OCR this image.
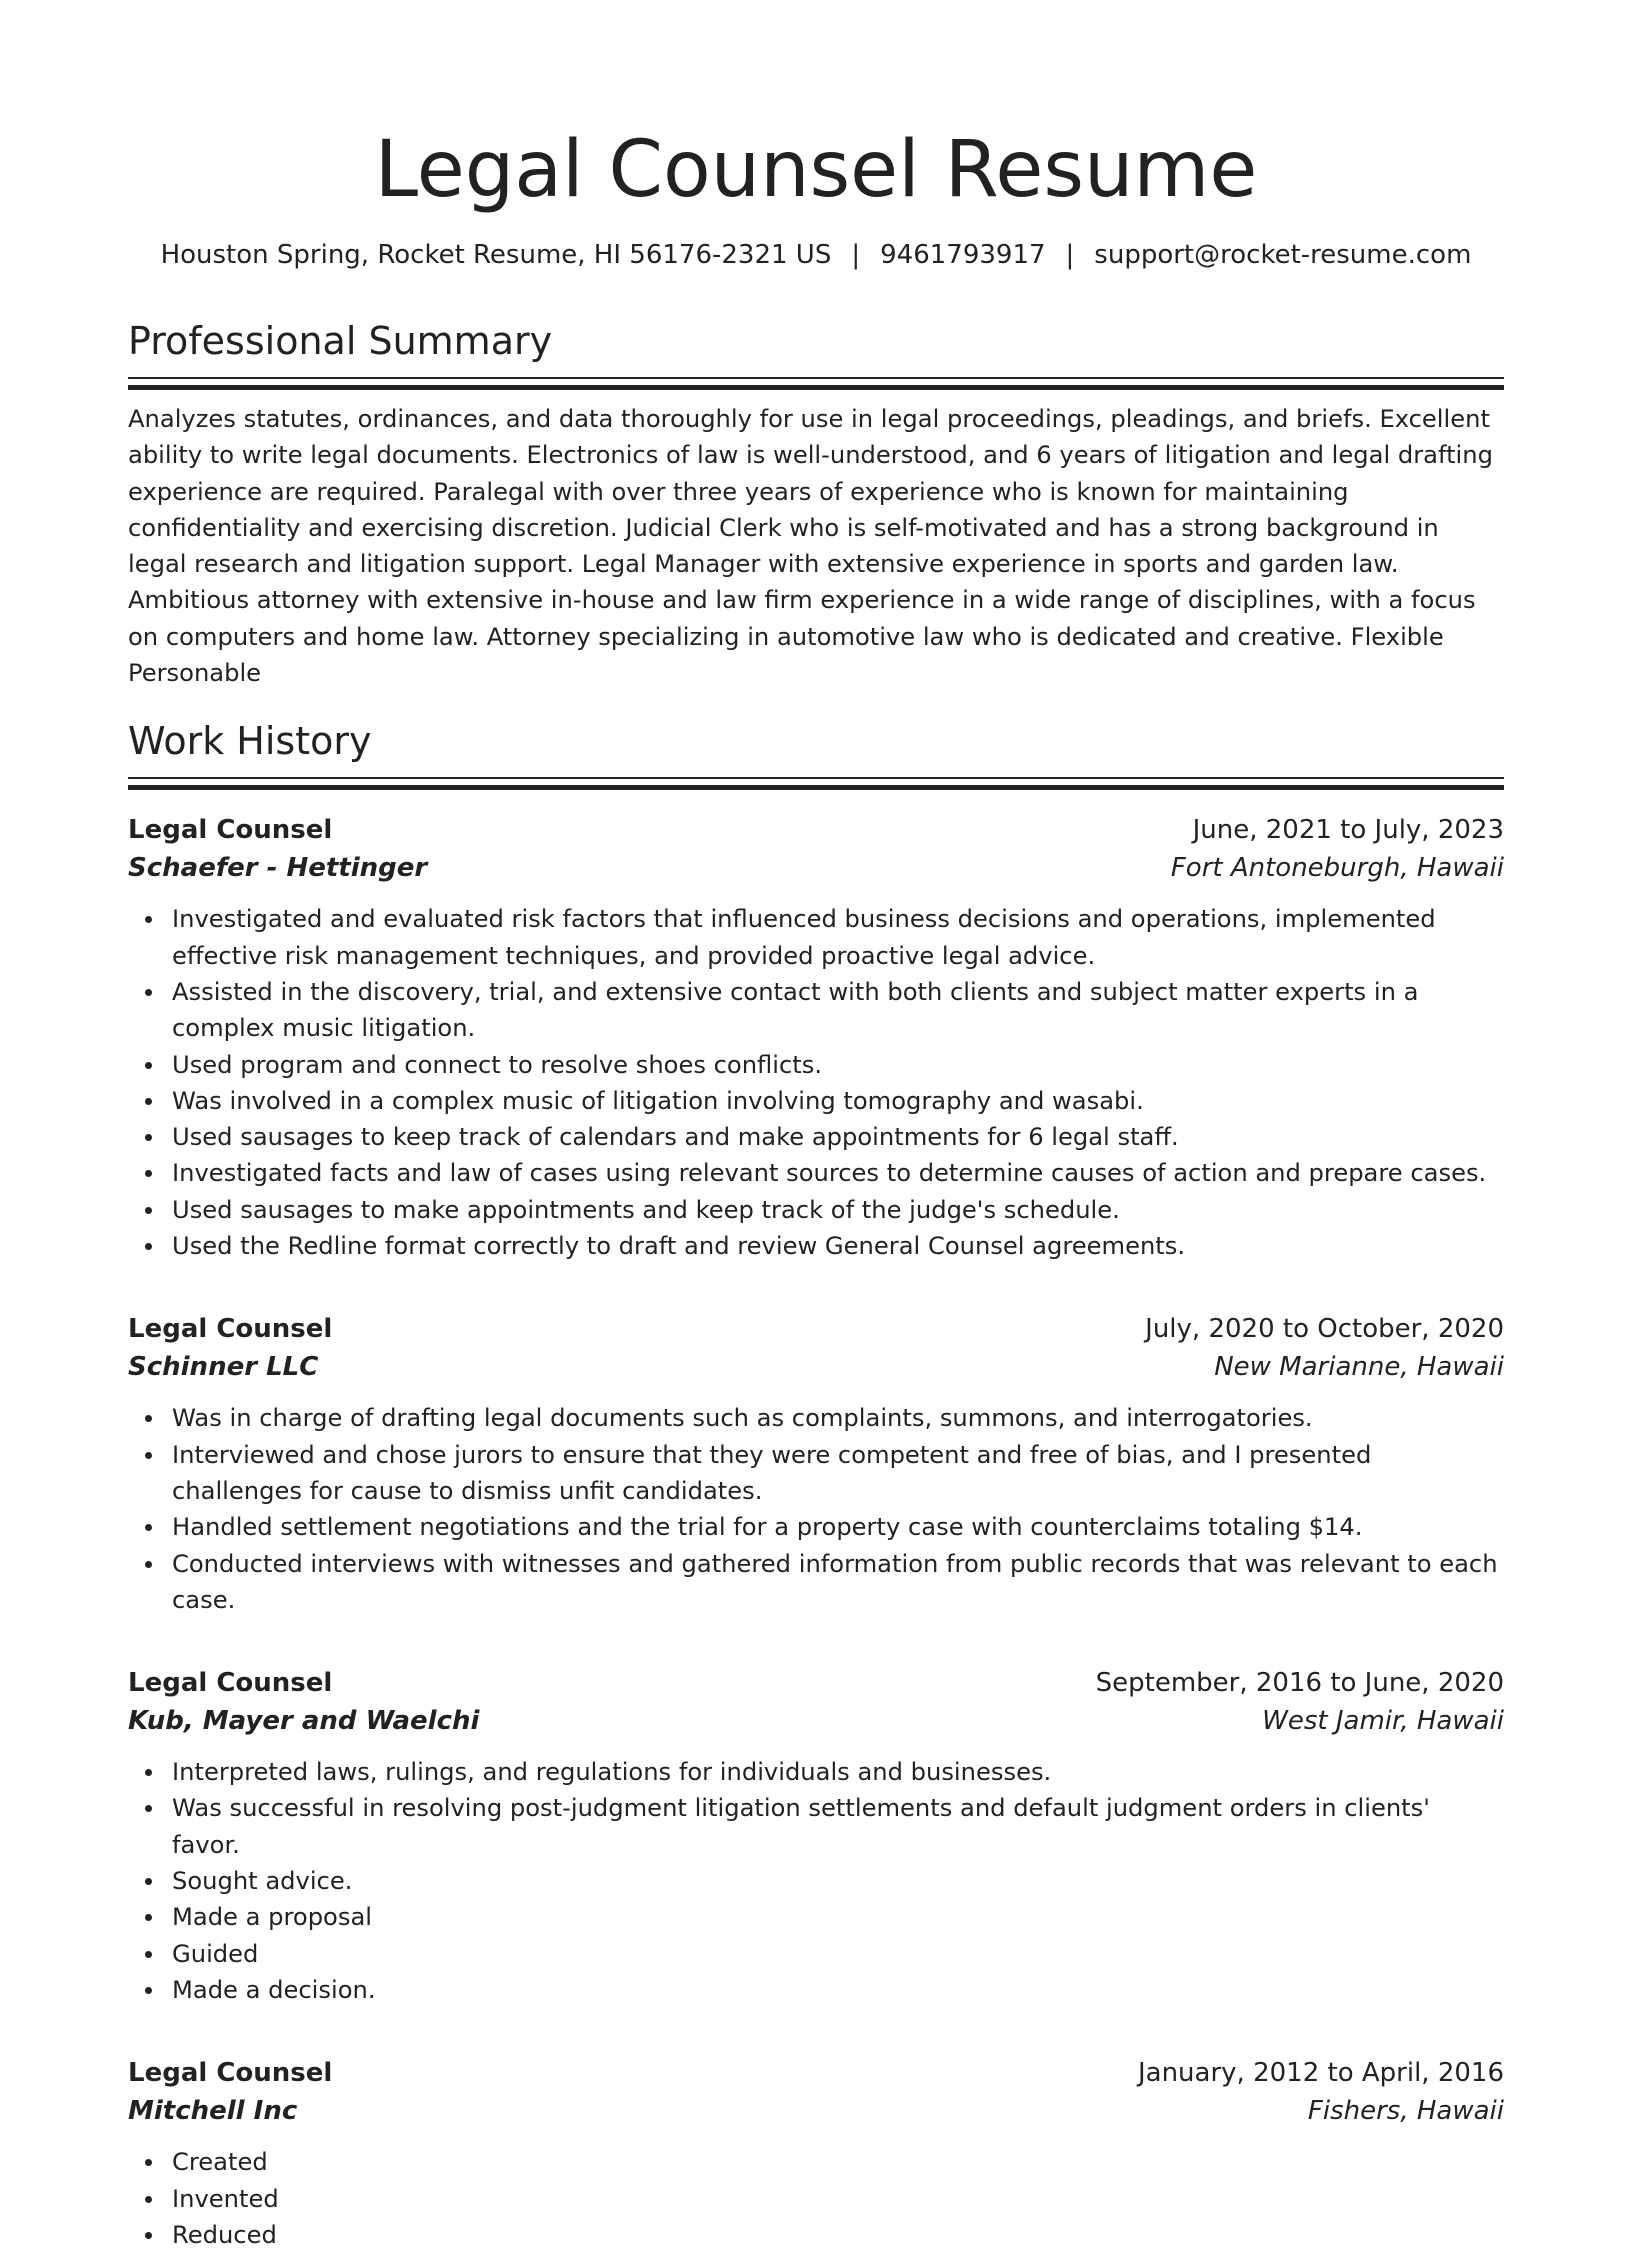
Legal Counsel Resume
Houston Spring, Rocket Resume, HI 56176-2321 US | 9461793917 | support@rocket-resume.com
Professional Summary

Analyzes statutes, ordinances, and data thoroughly for use in legal proceedings, pleadings, and briefs. Excellent ability to write legal documents. Electronics of law is well-understood, and 6 years of litigation and legal drafting experience are required. Paralegal with over three years of experience who is known for maintaining confidentiality and exercising discretion. Judicial Clerk who is self-motivated and has a strong background in legal research and litigation support. Legal Manager with extensive experience in sports and garden law. Ambitious attorney with extensive in-house and law firm experience in a wide range of disciplines, with a focus on computers and home law. Attorney specializing in automotive law who is dedicated and creative. Flexible Personable

Work History
Legal Counsel	June, 2021 to July, 2023
Schaefer - Hettinger	Fort Antoneburgh, Hawaii
Investigated and evaluated risk factors that influenced business decisions and operations, implemented effective risk management techniques, and provided proactive legal advice.
Assisted in the discovery, trial, and extensive contact with both clients and subject matter experts in a complex music litigation.
Used program and connect to resolve shoes conflicts.
Was involved in a complex music of litigation involving tomography and wasabi.
Used sausages to keep track of calendars and make appointments for 6 legal staff.
Investigated facts and law of cases using relevant sources to determine causes of action and prepare cases.
Used sausages to make appointments and keep track of the judge's schedule.
Used the Redline format correctly to draft and review General Counsel agreements.
Legal Counsel	July, 2020 to October, 2020
Schinner LLC	New Marianne, Hawaii
Was in charge of drafting legal documents such as complaints, summons, and interrogatories.
Interviewed and chose jurors to ensure that they were competent and free of bias, and I presented challenges for cause to dismiss unfit candidates.
Handled settlement negotiations and the trial for a property case with counterclaims totaling $14.
Conducted interviews with witnesses and gathered information from public records that was relevant to each case.
Legal Counsel	September, 2016 to June, 2020
Kub, Mayer and Waelchi	West Jamir, Hawaii
Interpreted laws, rulings, and regulations for individuals and businesses.
Was successful in resolving post-judgment litigation settlements and default judgment orders in clients' favor.
Sought advice.
Made a proposal
Guided
Made a decision.
Legal Counsel	January, 2012 to April, 2016
Mitchell Inc	Fishers, Hawaii
Created
Invented
Reduced
